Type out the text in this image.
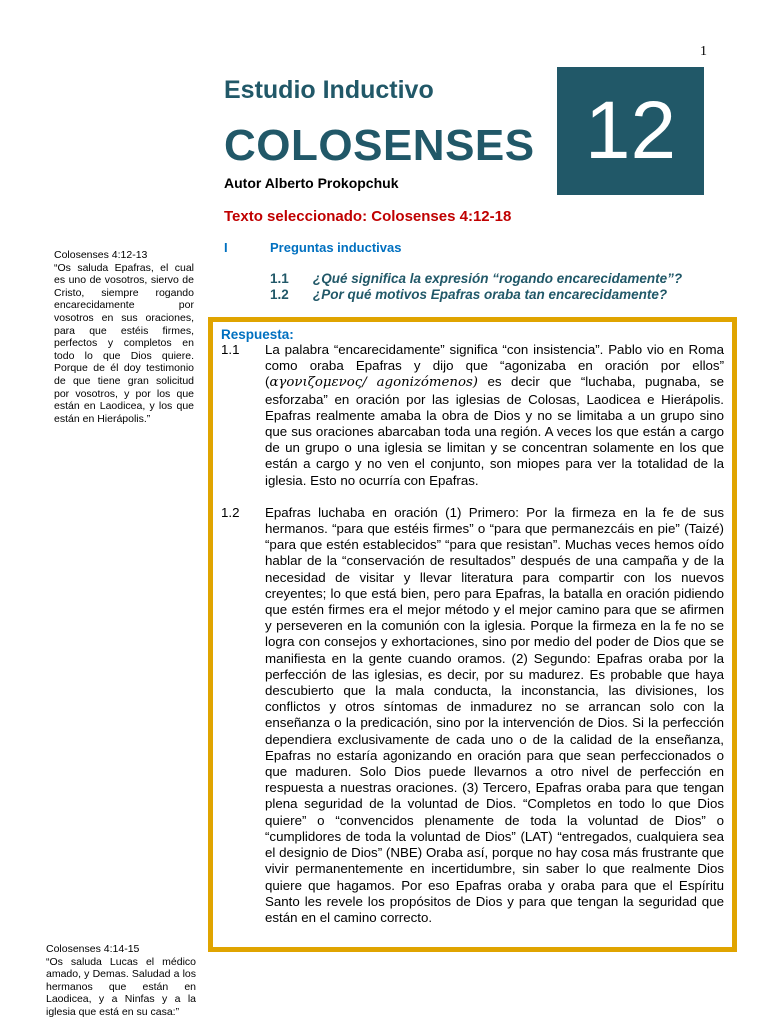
1
Estudio Inductivo
COLOSENSES 12
Autor Alberto Prokopchuk
Texto seleccionado: Colosenses 4:12-18
I	Preguntas inductivas
1.1 ¿Qué significa la expresión “rogando encarecidamente”?
1.2 ¿Por qué motivos Epafras oraba tan encarecidamente?
Colosenses 4:12-13
“Os saluda Epafras, el cual es uno de vosotros, siervo de Cristo, siempre rogando encarecidamente por vosotros en sus oraciones, para que estéis firmes, perfectos y completos en todo lo que Dios quiere. Porque de él doy testimonio de que tiene gran solicitud por vosotros, y por los que están en Laodicea, y los que están en Hierápolis.”
Colosenses 4:14-15
“Os saluda Lucas el médico amado, y Demas. Saludad a los hermanos que están en Laodicea, y a Ninfas y a la iglesia que está en su casa:”
Respuesta:
1.1	La palabra “encarecidamente” significa “con insistencia”. Pablo vio en Roma como oraba Epafras y dijo que “agonizaba en oración por ellos” (αγονιζομενος/ agonizómenos) es decir que “luchaba, pugnaba, se esforzaba” en oración por las iglesias de Colosas, Laodicea e Hierápolis. Epafras realmente amaba la obra de Dios y no se limitaba a un grupo sino que sus oraciones abarcaban toda una región. A veces los que están a cargo de un grupo o una iglesia se limitan y se concentran solamente en los que están a cargo y no ven el conjunto, son miopes para ver la totalidad de la iglesia. Esto no ocurría con Epafras.
1.2	Epafras luchaba en oración (1) Primero: Por la firmeza en la fe de sus hermanos. “para que estéis firmes” o “para que permanezcáis en pie” (Taizé) “para que estén establecidos” “para que resistan”. Muchas veces hemos oído hablar de la “conservación de resultados” después de una campaña y de la necesidad de visitar y llevar literatura para compartir con los nuevos creyentes; lo que está bien, pero para Epafras, la batalla en oración pidiendo que estén firmes era el mejor método y el mejor camino para que se afirmen y perseveren en la comunión con la iglesia. Porque la firmeza en la fe no se logra con consejos y exhortaciones, sino por medio del poder de Dios que se manifiesta en la gente cuando oramos. (2) Segundo: Epafras oraba por la perfección de las iglesias, es decir, por su madurez. Es probable que haya descubierto que la mala conducta, la inconstancia, las divisiones, los conflictos y otros síntomas de inmadurez no se arrancan solo con la enseñanza o la predicación, sino por la intervención de Dios. Si la perfección dependiera exclusivamente de cada uno o de la calidad de la enseñanza, Epafras no estaría agonizando en oración para que sean perfeccionados o que maduren. Solo Dios puede llevarnos a otro nivel de perfección en respuesta a nuestras oraciones. (3) Tercero, Epafras oraba para que tengan plena seguridad de la voluntad de Dios. “Completos en todo lo que Dios quiere” o “convencidos plenamente de toda la voluntad de Dios” o “cumplidores de toda la voluntad de Dios” (LAT) “entregados, cualquiera sea el designio de Dios” (NBE) Oraba así, porque no hay cosa más frustrante que vivir permanentemente en incertidumbre, sin saber lo que realmente Dios quiere que hagamos. Por eso Epafras oraba y oraba para que el Espíritu Santo les revele los propósitos de Dios y para que tengan la seguridad que están en el camino correcto.
